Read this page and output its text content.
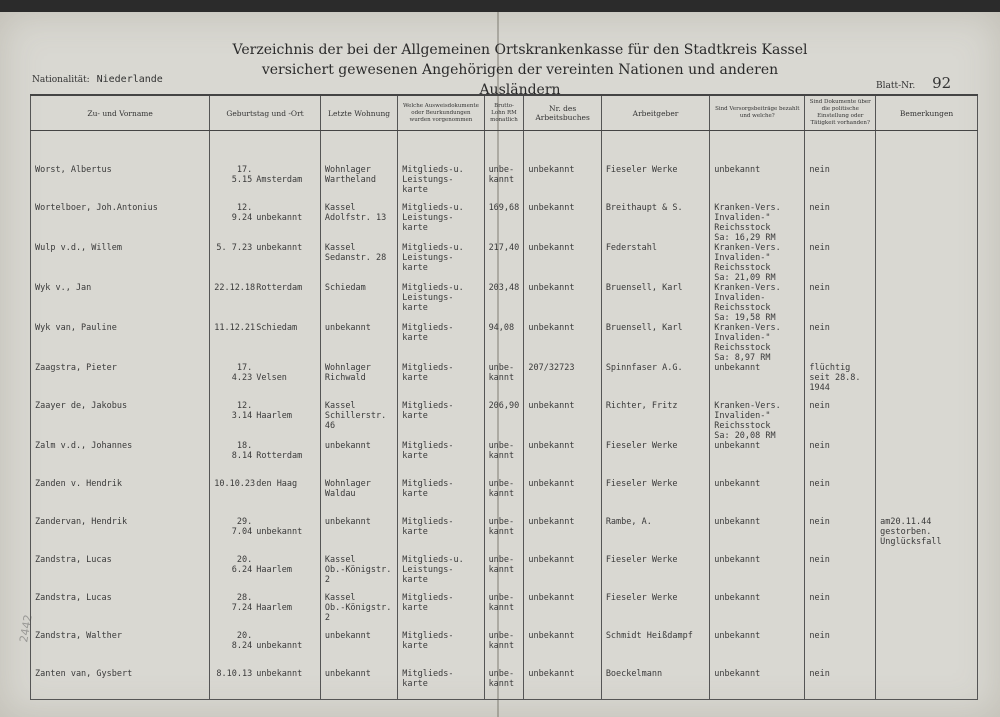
Verzeichnis der bei der Allgemeinen Ortskrankenkasse für den Stadtkreis Kassel
versichert gewesenen Angehörigen der vereinten Nationen und anderen Ausländern
Nationalität: Niederlande
Blatt-Nr. 92
Zu- und Vorname	Geburtstag und -Ort	Letzte Wohnung	Welche Ausweisdokumente oder Beurkundungen wurden vorgenommen	Brutto-Lohn RM monatlich	Nr. des Arbeitsbuches	Arbeitgeber	Sind Versorgsbeiträge bezahlt und welche?	Sind Dokumente über die politische Einstellung oder Tätigkeit vorhanden?	Bemerkungen

Worst, Albertus	17. 5.15 Amsterdam	Wohnlager
Wartheland	Mitglieds-u.
Leistungs-
karte	unbe-
kannt	unbekannt	Fieseler Werke	unbekannt	nein	
Wortelboer, Joh.Antonius	12. 9.24 unbekannt	Kassel
Adolfstr. 13	Mitglieds-u.
Leistungs-
karte	169,68	unbekannt	Breithaupt & S.	Kranken-Vers.
Invaliden-"
Reichsstock
Sa: 16,29 RM	nein	
Wulp v.d., Willem	5. 7.23 unbekannt	Kassel
Sedanstr. 28	Mitglieds-u.
Leistungs-
karte	217,40	unbekannt	Federstahl	Kranken-Vers.
Invaliden-"
Reichsstock
Sa: 21,09 RM	nein	
Wyk v., Jan	22.12.18Rotterdam	Schiedam	Mitglieds-u.
Leistungs-
karte	203,48	unbekannt	Bruensell, Karl	Kranken-Vers.
Invaliden-
Reichsstock
Sa: 19,58 RM	nein	
Wyk van, Pauline	11.12.21Schiedam	unbekannt	Mitglieds-
karte	94,08	unbekannt	Bruensell, Karl	Kranken-Vers.
Invaliden-"
Reichsstock
Sa: 8,97 RM	nein	
Zaagstra, Pieter	17. 4.23 Velsen	Wohnlager
Richwald	Mitglieds-
karte	unbe-
kannt	207/32723	Spinnfaser A.G.	unbekannt	flüchtig
seit 28.8.
1944	
Zaayer de, Jakobus	12. 3.14 Haarlem	Kassel
Schillerstr.
46	Mitglieds-
karte	206,90	unbekannt	Richter, Fritz	Kranken-Vers.
Invaliden-"
Reichsstock
Sa: 20,08 RM	nein	
Zalm v.d., Johannes	18. 8.14 Rotterdam	unbekannt	Mitglieds-
karte	unbe-
kannt	unbekannt	Fieseler Werke	unbekannt	nein	
Zanden v. Hendrik	10.10.23den Haag	Wohnlager
Waldau	Mitglieds-
karte	unbe-
kannt	unbekannt	Fieseler Werke	unbekannt	nein	
Zandervan, Hendrik	29. 7.04 unbekannt	unbekannt	Mitglieds-
karte	unbe-
kannt	unbekannt	Rambe, A.	unbekannt	nein	am20.11.44
gestorben.
Unglücksfall
Zandstra, Lucas	20. 6.24 Haarlem	Kassel
Ob.-Königstr.
2	Mitglieds-u.
Leistungs-
karte	unbe-
kannt	unbekannt	Fieseler Werke	unbekannt	nein	
Zandstra, Lucas	28. 7.24 Haarlem	Kassel
Ob.-Königstr.
2	Mitglieds-
karte	unbe-
kannt	unbekannt	Fieseler Werke	unbekannt	nein	
Zandstra, Walther	20. 8.24 unbekannt	unbekannt	Mitglieds-
karte	unbe-
kannt	unbekannt	Schmidt Heißdampf	unbekannt	nein	
Zanten van, Gysbert	8.10.13 unbekannt	unbekannt	Mitglieds-
karte	unbe-
kannt	unbekannt	Boeckelmann	unbekannt	nein	
2442
